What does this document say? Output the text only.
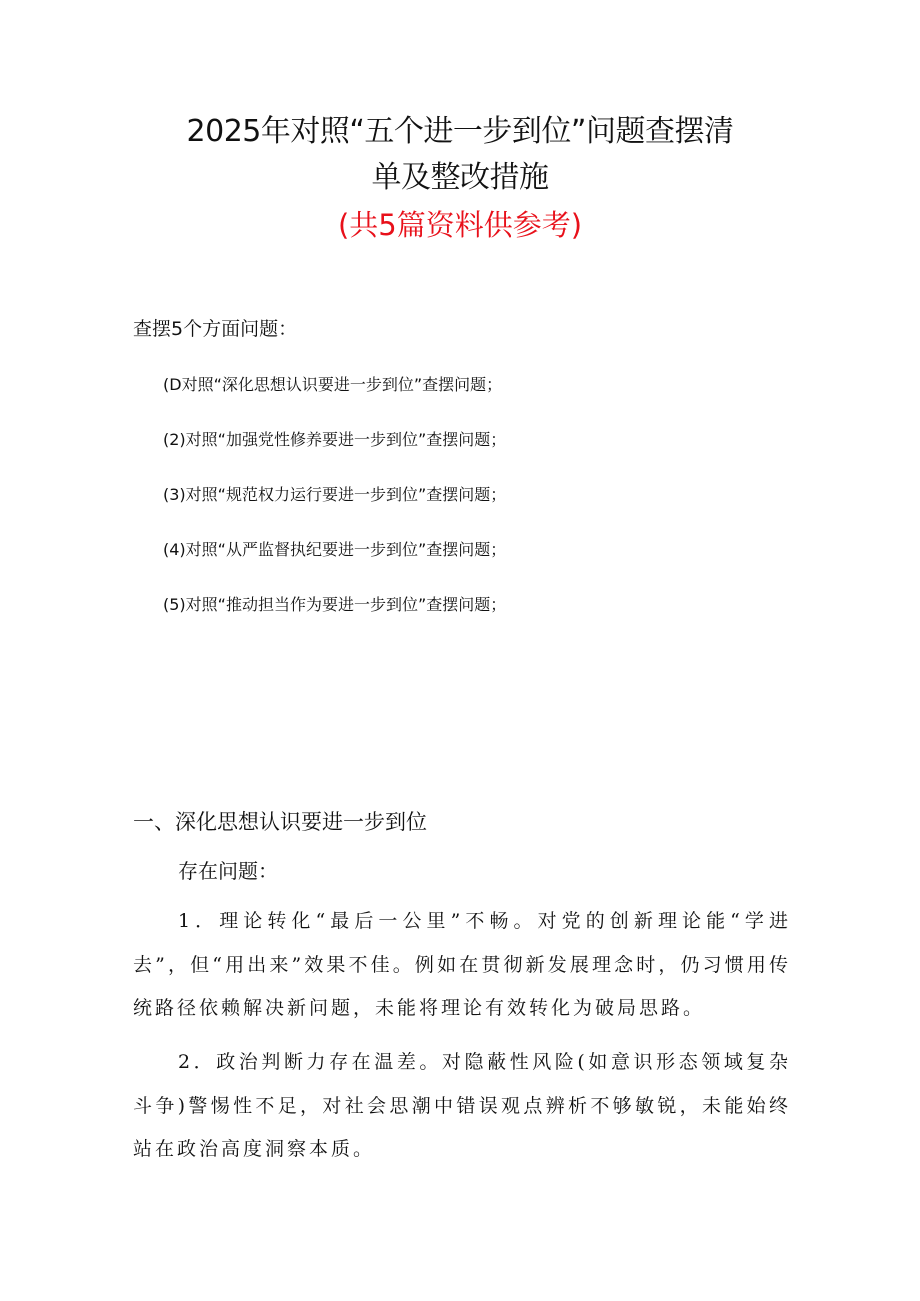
2025年对照“五个进一步到位”问题查摆清
单及整改措施
(共5篇资料供参考)
查摆5个方面问题：
(D对照“深化思想认识要进一步到位”查摆问题；
(2)对照“加强党性修养要进一步到位”查摆问题；
(3)对照“规范权力运行要进一步到位”查摆问题；
(4)对照“从严监督执纪要进一步到位”查摆问题；
(5)对照“推动担当作为要进一步到位”查摆问题；
一、深化思想认识要进一步到位
存在问题：

1．理论转化“最后一公里”不畅。对党的创新理论能“学进去”，但“用出来”效果不佳。例如在贯彻新发展理念时，仍习惯用传统路径依赖解决新问题，未能将理论有效转化为破局思路。

2．政治判断力存在温差。对隐蔽性风险(如意识形态领域复杂斗争)警惕性不足，对社会思潮中错误观点辨析不够敏锐，未能始终站在政治高度洞察本质。
